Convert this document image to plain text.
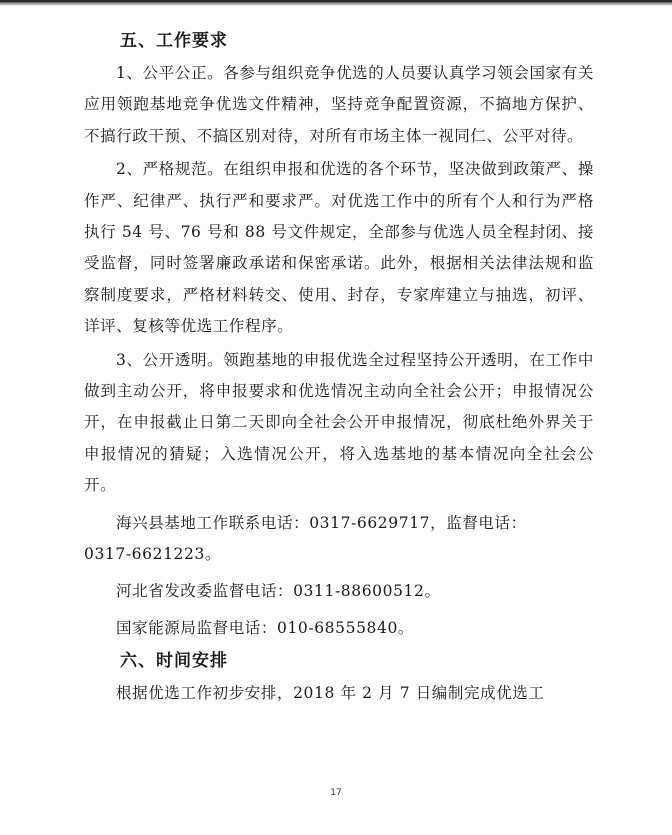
五、工作要求

1、公平公正。各参与组织竞争优选的人员要认真学习领会国家有关应用领跑基地竞争优选文件精神，坚持竞争配置资源，不搞地方保护、不搞行政干预、不搞区别对待，对所有市场主体一视同仁、公平对待。

2、严格规范。在组织申报和优选的各个环节，坚决做到政策严、操作严、纪律严、执行严和要求严。对优选工作中的所有个人和行为严格执行 54 号、76 号和 88 号文件规定，全部参与优选人员全程封闭、接受监督，同时签署廉政承诺和保密承诺。此外，根据相关法律法规和监察制度要求，严格材料转交、使用、封存，专家库建立与抽选，初评、详评、复核等优选工作程序。

3、公开透明。领跑基地的申报优选全过程坚持公开透明，在工作中做到主动公开，将申报要求和优选情况主动向全社会公开；申报情况公开，在申报截止日第二天即向全社会公开申报情况，彻底杜绝外界关于申报情况的猜疑；入选情况公开，将入选基地的基本情况向全社会公开。

海兴县基地工作联系电话：0317-6629717，监督电话：

0317-6621223。

河北省发改委监督电话：0311-88600512。

国家能源局监督电话：010-68555840。

六、时间安排

根据优选工作初步安排，2018 年 2 月 7 日编制完成优选工

17
